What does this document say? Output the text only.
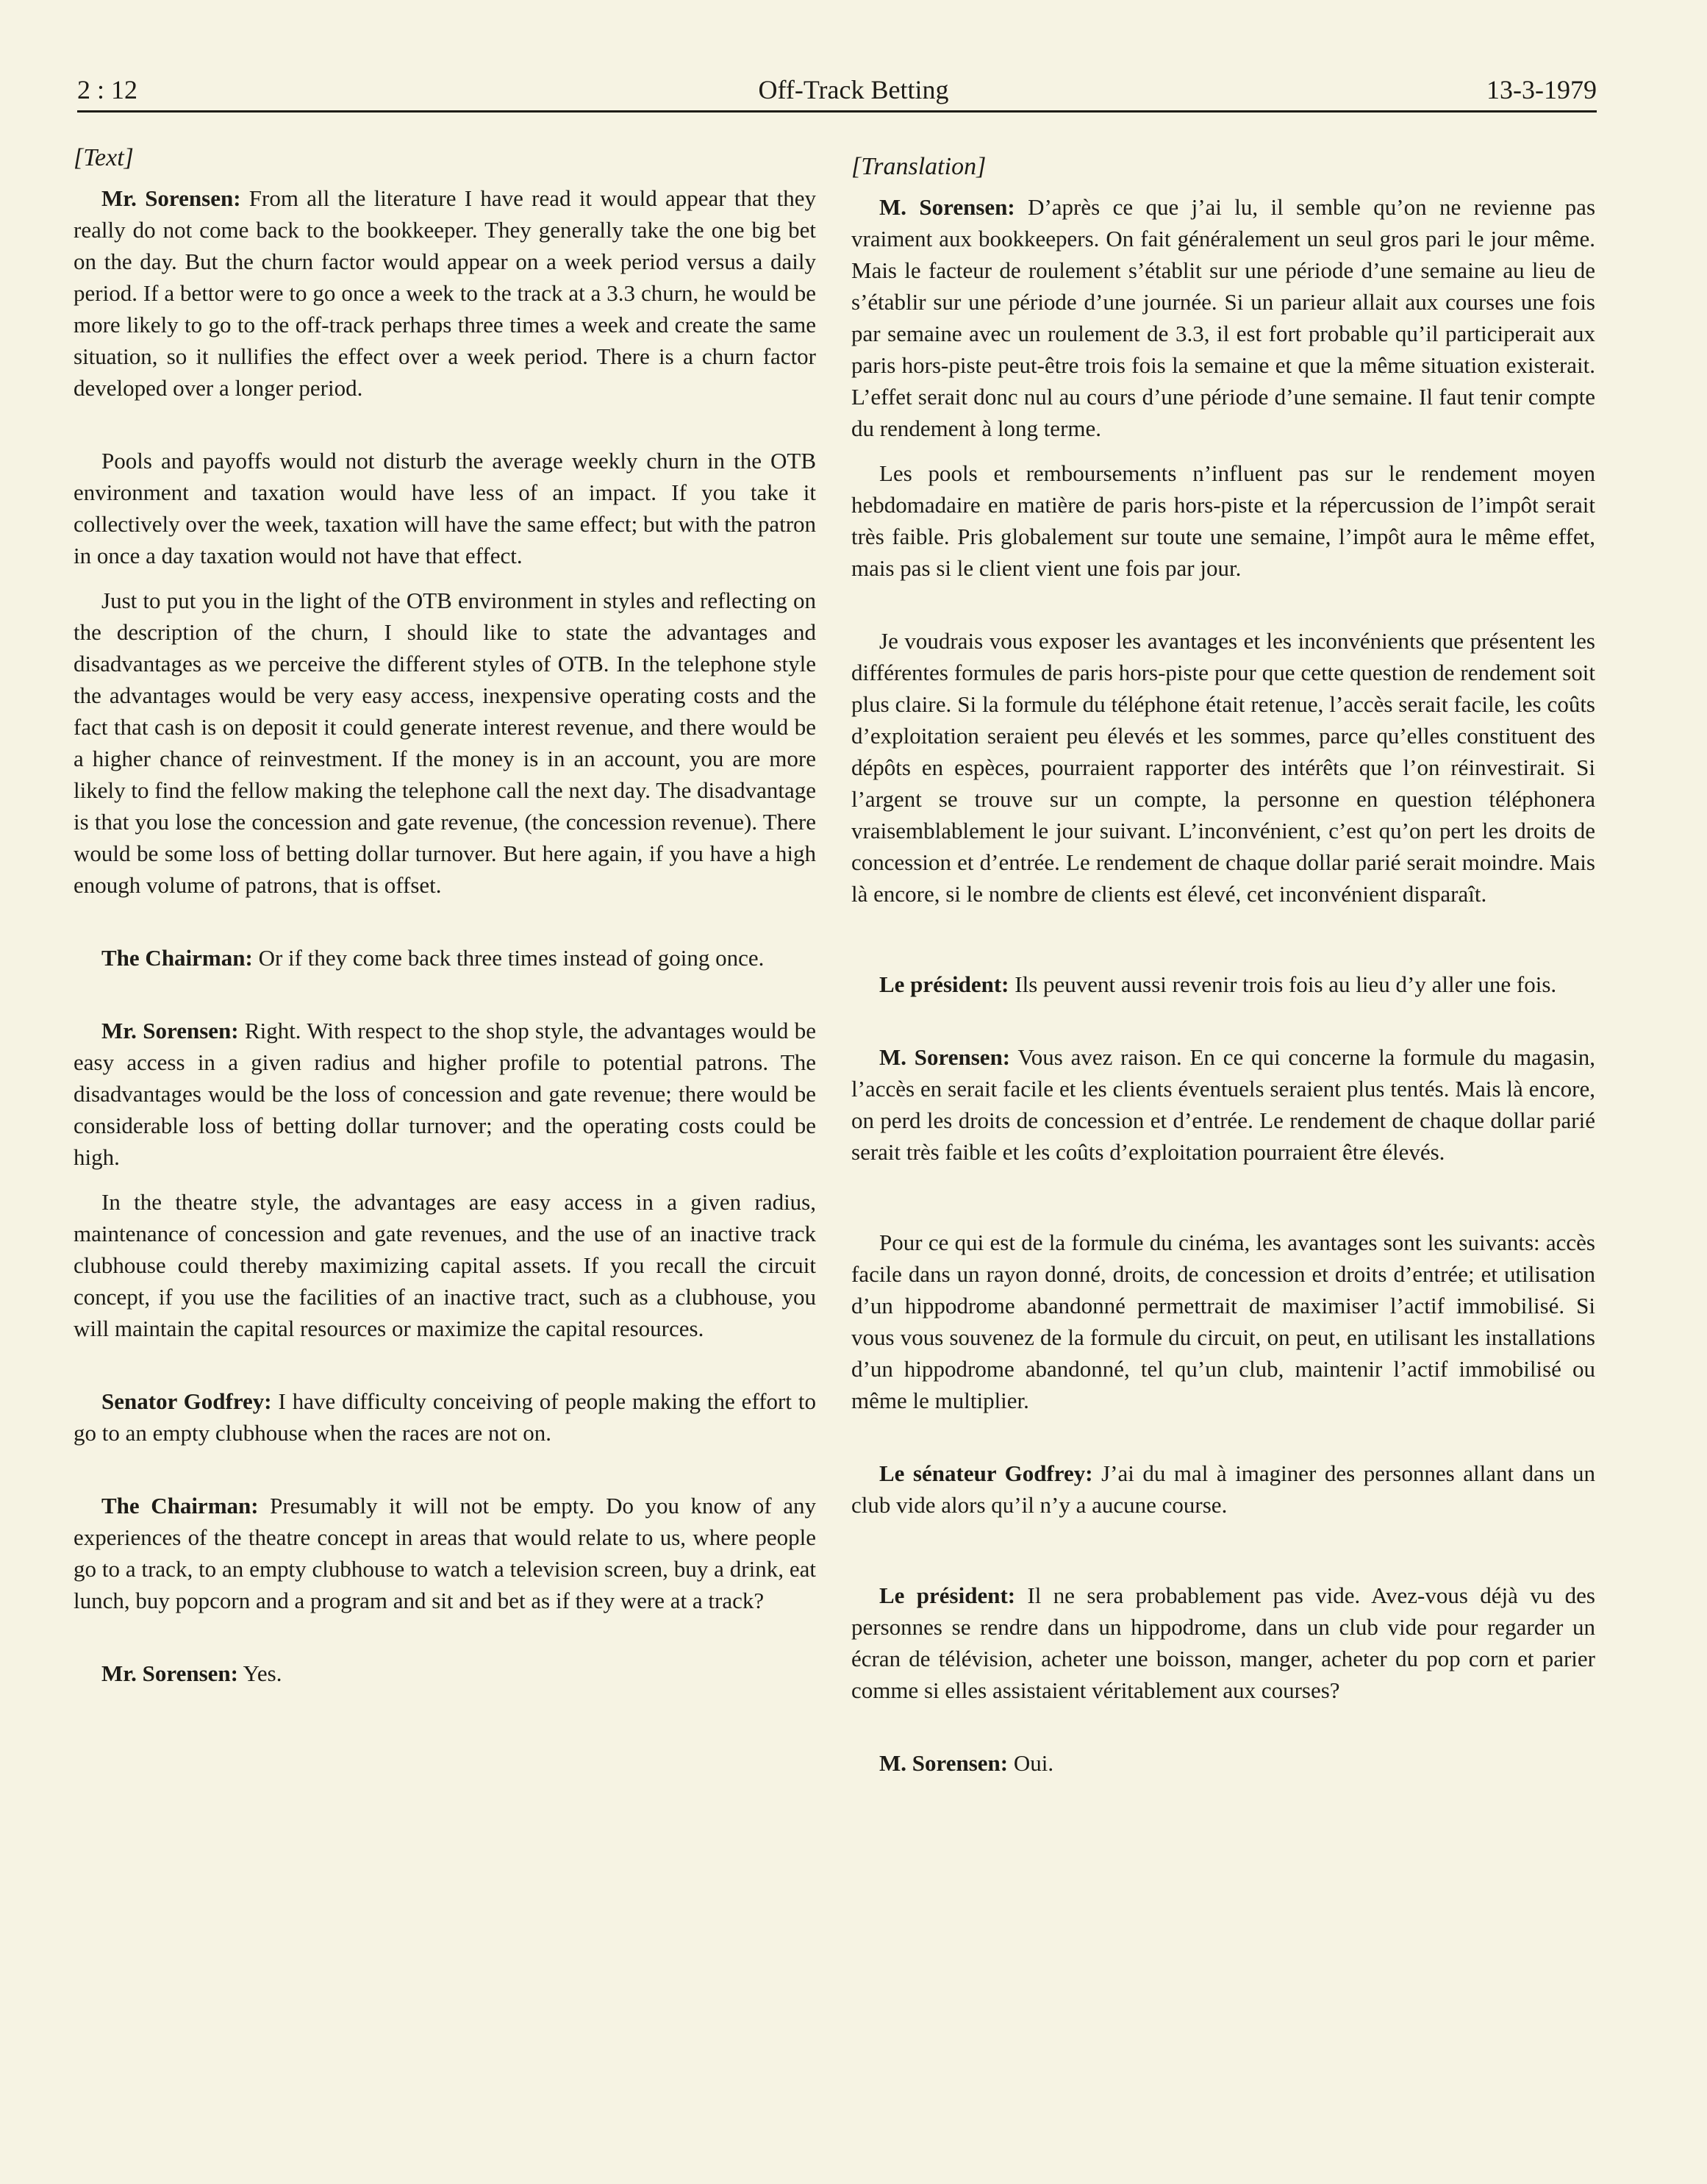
2 : 12	Off-Track Betting	13-3-1979
[Text]

Mr. Sorensen: From all the literature I have read it would appear that they really do not come back to the bookkeeper. They generally take the one big bet on the day. But the churn factor would appear on a week period versus a daily period. If a bettor were to go once a week to the track at a 3.3 churn, he would be more likely to go to the off-track perhaps three times a week and create the same situation, so it nullifies the effect over a week period. There is a churn factor developed over a longer period.

Pools and payoffs would not disturb the average weekly churn in the OTB environment and taxation would have less of an impact. If you take it collectively over the week, taxation will have the same effect; but with the patron in once a day taxation would not have that effect.

Just to put you in the light of the OTB environment in styles and reflecting on the description of the churn, I should like to state the advantages and disadvantages as we perceive the different styles of OTB. In the telephone style the advantages would be very easy access, inexpensive operating costs and the fact that cash is on deposit it could generate interest revenue, and there would be a higher chance of reinvestment. If the money is in an account, you are more likely to find the fellow making the telephone call the next day. The disadvantage is that you lose the concession and gate revenue, (the concession revenue). There would be some loss of betting dollar turnover. But here again, if you have a high enough volume of patrons, that is offset.

The Chairman: Or if they come back three times instead of going once.

Mr. Sorensen: Right. With respect to the shop style, the advantages would be easy access in a given radius and higher profile to potential patrons. The disadvantages would be the loss of concession and gate revenue; there would be considerable loss of betting dollar turnover; and the operating costs could be high.

In the theatre style, the advantages are easy access in a given radius, maintenance of concession and gate revenues, and the use of an inactive track clubhouse could thereby maximizing capital assets. If you recall the circuit concept, if you use the facilities of an inactive tract, such as a clubhouse, you will maintain the capital resources or maximize the capital resources.

Senator Godfrey: I have difficulty conceiving of people making the effort to go to an empty clubhouse when the races are not on.

The Chairman: Presumably it will not be empty. Do you know of any experiences of the theatre concept in areas that would relate to us, where people go to a track, to an empty clubhouse to watch a television screen, buy a drink, eat lunch, buy popcorn and a program and sit and bet as if they were at a track?

Mr. Sorensen: Yes.

[Translation]

M. Sorensen: D’après ce que j’ai lu, il semble qu’on ne revienne pas vraiment aux bookkeepers. On fait généralement un seul gros pari le jour même. Mais le facteur de roulement s’établit sur une période d’une semaine au lieu de s’établir sur une période d’une journée. Si un parieur allait aux courses une fois par semaine avec un roulement de 3.3, il est fort probable qu’il participerait aux paris hors-piste peut-être trois fois la semaine et que la même situation existerait. L’effet serait donc nul au cours d’une période d’une semaine. Il faut tenir compte du rendement à long terme.

Les pools et remboursements n’influent pas sur le rendement moyen hebdomadaire en matière de paris hors-piste et la répercussion de l’impôt serait très faible. Pris globalement sur toute une semaine, l’impôt aura le même effet, mais pas si le client vient une fois par jour.

Je voudrais vous exposer les avantages et les inconvénients que présentent les différentes formules de paris hors-piste pour que cette question de rendement soit plus claire. Si la formule du téléphone était retenue, l’accès serait facile, les coûts d’exploitation seraient peu élevés et les sommes, parce qu’elles constituent des dépôts en espèces, pourraient rapporter des intérêts que l’on réinvestirait. Si l’argent se trouve sur un compte, la personne en question téléphonera vraisemblablement le jour suivant. L’inconvénient, c’est qu’on pert les droits de concession et d’entrée. Le rendement de chaque dollar parié serait moindre. Mais là encore, si le nombre de clients est élevé, cet inconvénient disparaît.

Le président: Ils peuvent aussi revenir trois fois au lieu d’y aller une fois.

M. Sorensen: Vous avez raison. En ce qui concerne la formule du magasin, l’accès en serait facile et les clients éventuels seraient plus tentés. Mais là encore, on perd les droits de concession et d’entrée. Le rendement de chaque dollar parié serait très faible et les coûts d’exploitation pourraient être élevés.

Pour ce qui est de la formule du cinéma, les avantages sont les suivants: accès facile dans un rayon donné, droits, de concession et droits d’entrée; et utilisation d’un hippodrome abandonné permettrait de maximiser l’actif immobilisé. Si vous vous souvenez de la formule du circuit, on peut, en utilisant les installations d’un hippodrome abandonné, tel qu’un club, maintenir l’actif immobilisé ou même le multiplier.

Le sénateur Godfrey: J’ai du mal à imaginer des personnes allant dans un club vide alors qu’il n’y a aucune course.

Le président: Il ne sera probablement pas vide. Avez-vous déjà vu des personnes se rendre dans un hippodrome, dans un club vide pour regarder un écran de télévision, acheter une boisson, manger, acheter du pop corn et parier comme si elles assistaient véritablement aux courses?

M. Sorensen: Oui.
